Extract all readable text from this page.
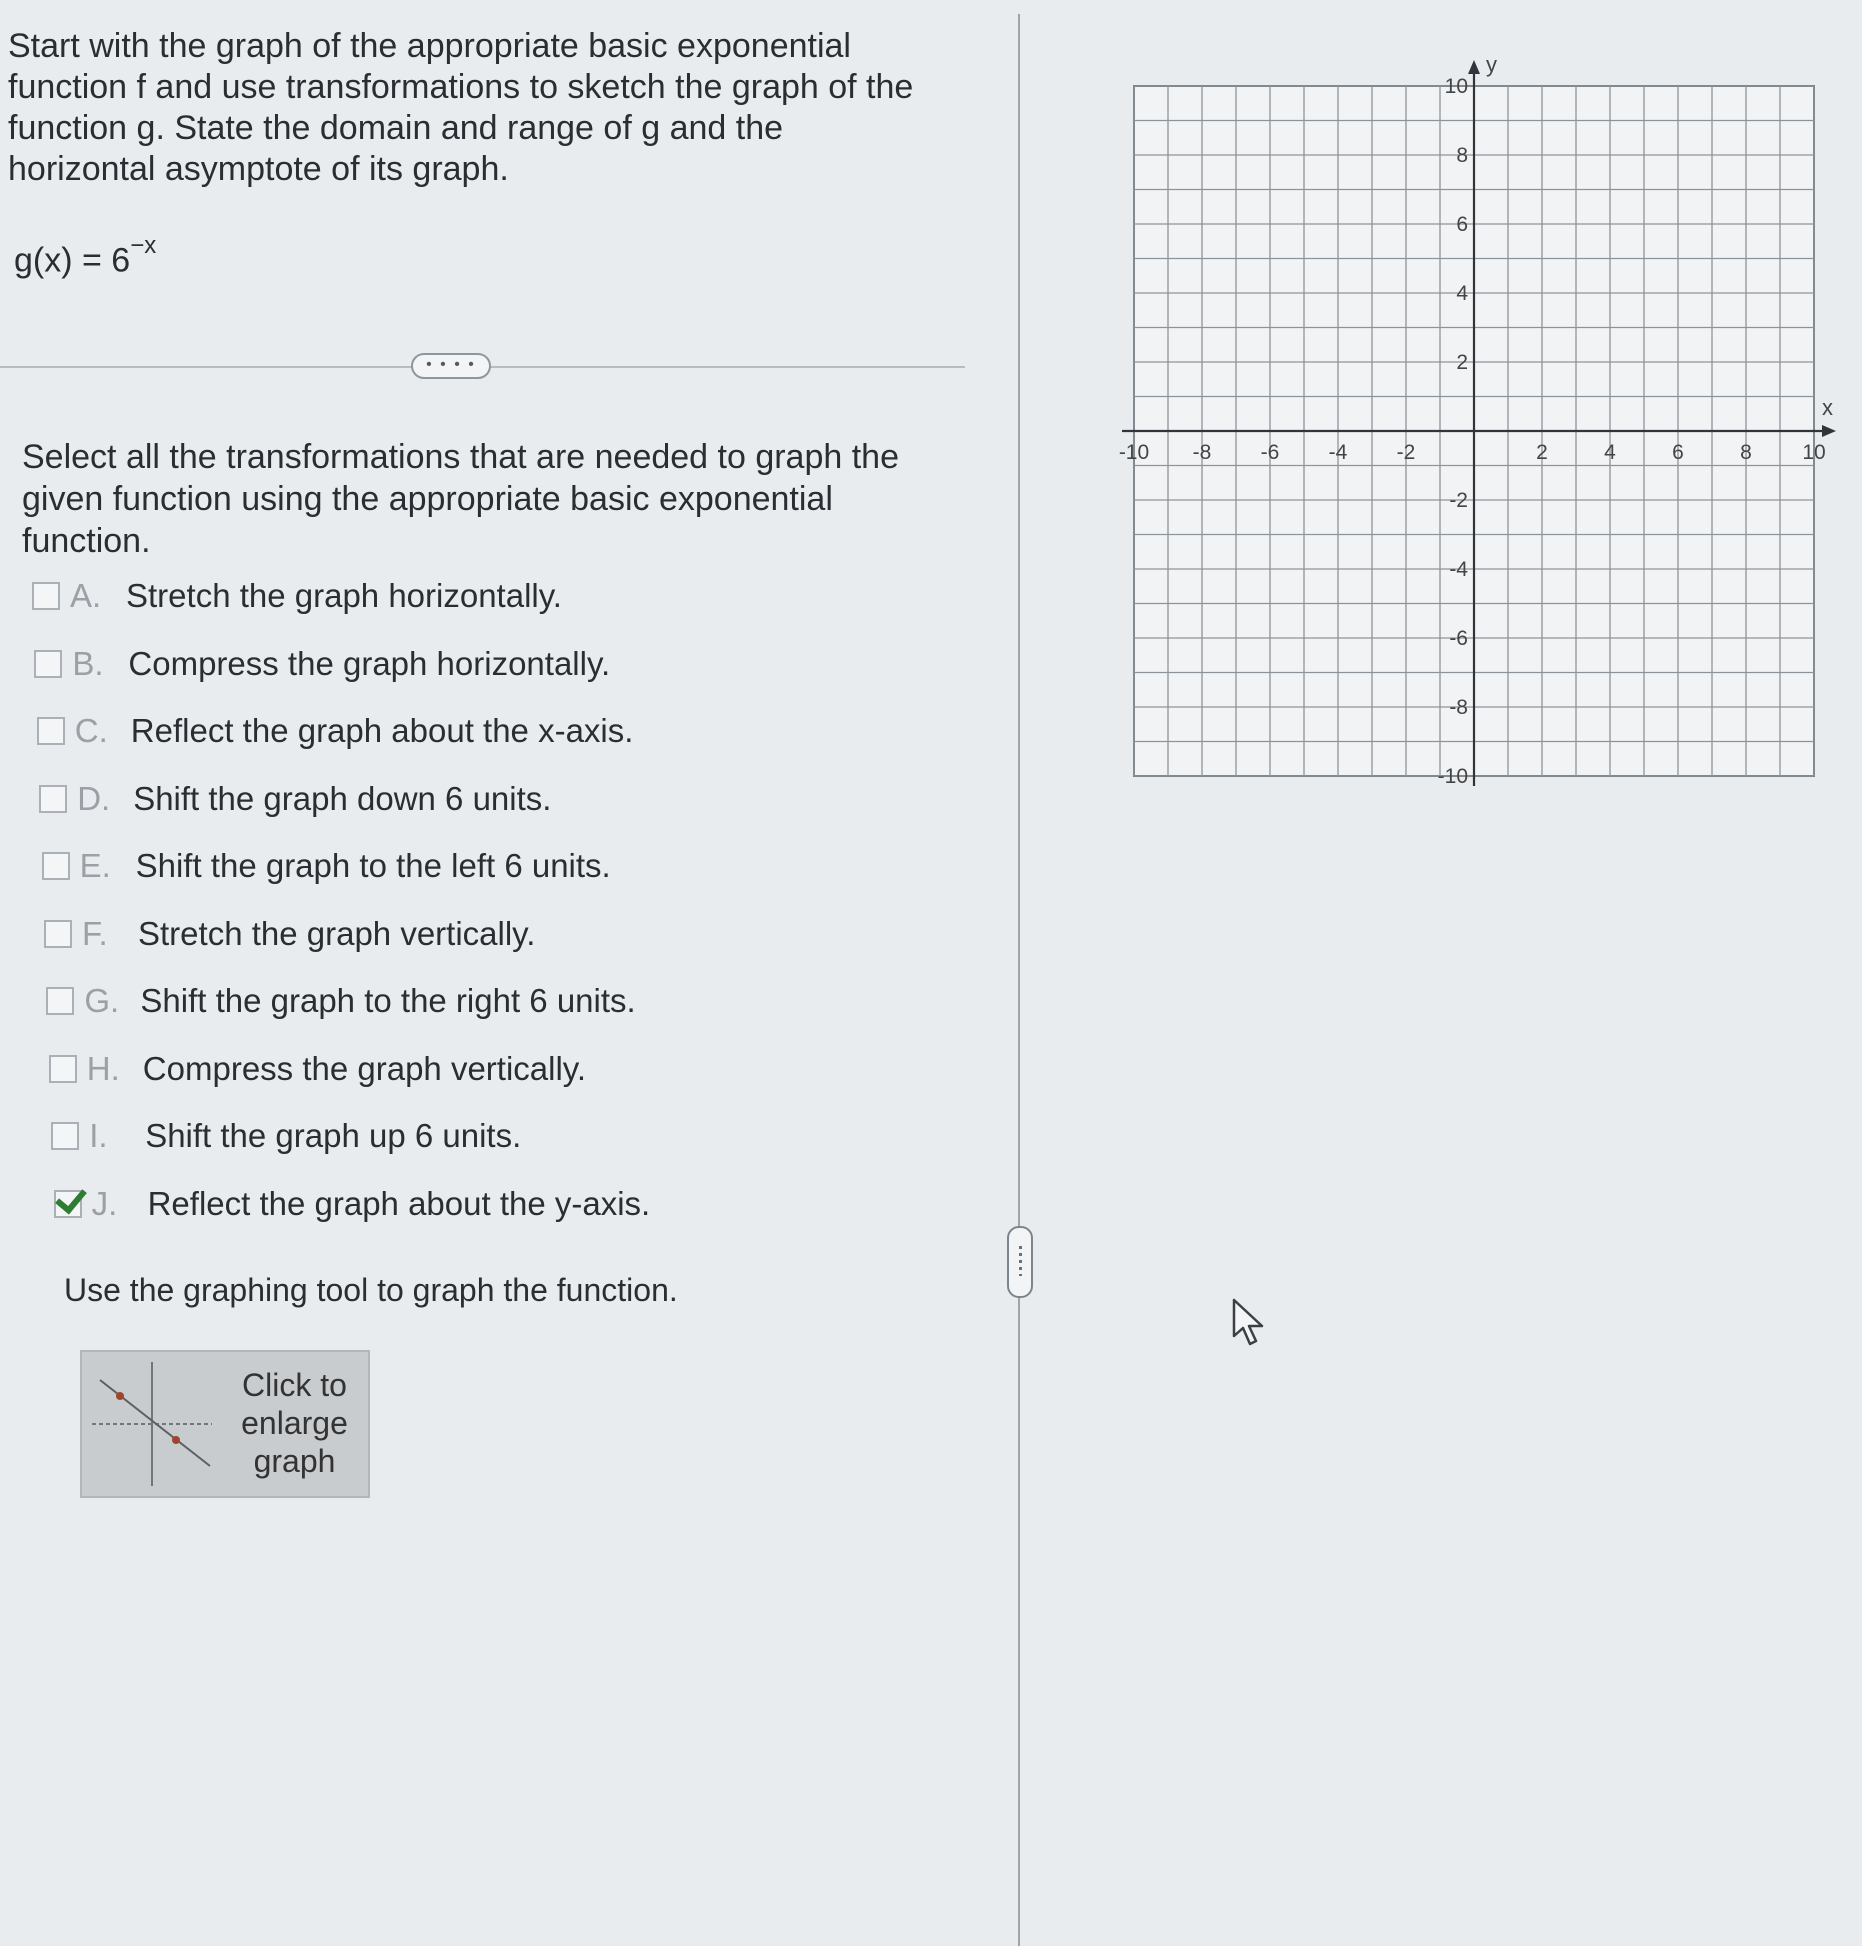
Start with the graph of the appropriate basic exponential function f and use transformations to sketch the graph of the function g. State the domain and range of g and the horizontal asymptote of its graph.
$g(x) = 6^{-x}$
• • • •
Select all the transformations that are needed to graph the given function using the appropriate basic exponential function.
A. Stretch the graph horizontally.
B. Compress the graph horizontally.
C. Reflect the graph about the x-axis.
D. Shift the graph down 6 units.
E. Shift the graph to the left 6 units.
F. Stretch the graph vertically.
G. Shift the graph to the right 6 units.
H. Compress the graph vertically.
I.	Shift the graph up 6 units.
J. Reflect the graph about the y-axis.
Use the graphing tool to graph the function.
Click to
enlarge
graph
x
y
-10 -8 -6 -4 -2	2	4	6	8 10
10
8
6
4
2
-2
-4
-6
-8
-10
